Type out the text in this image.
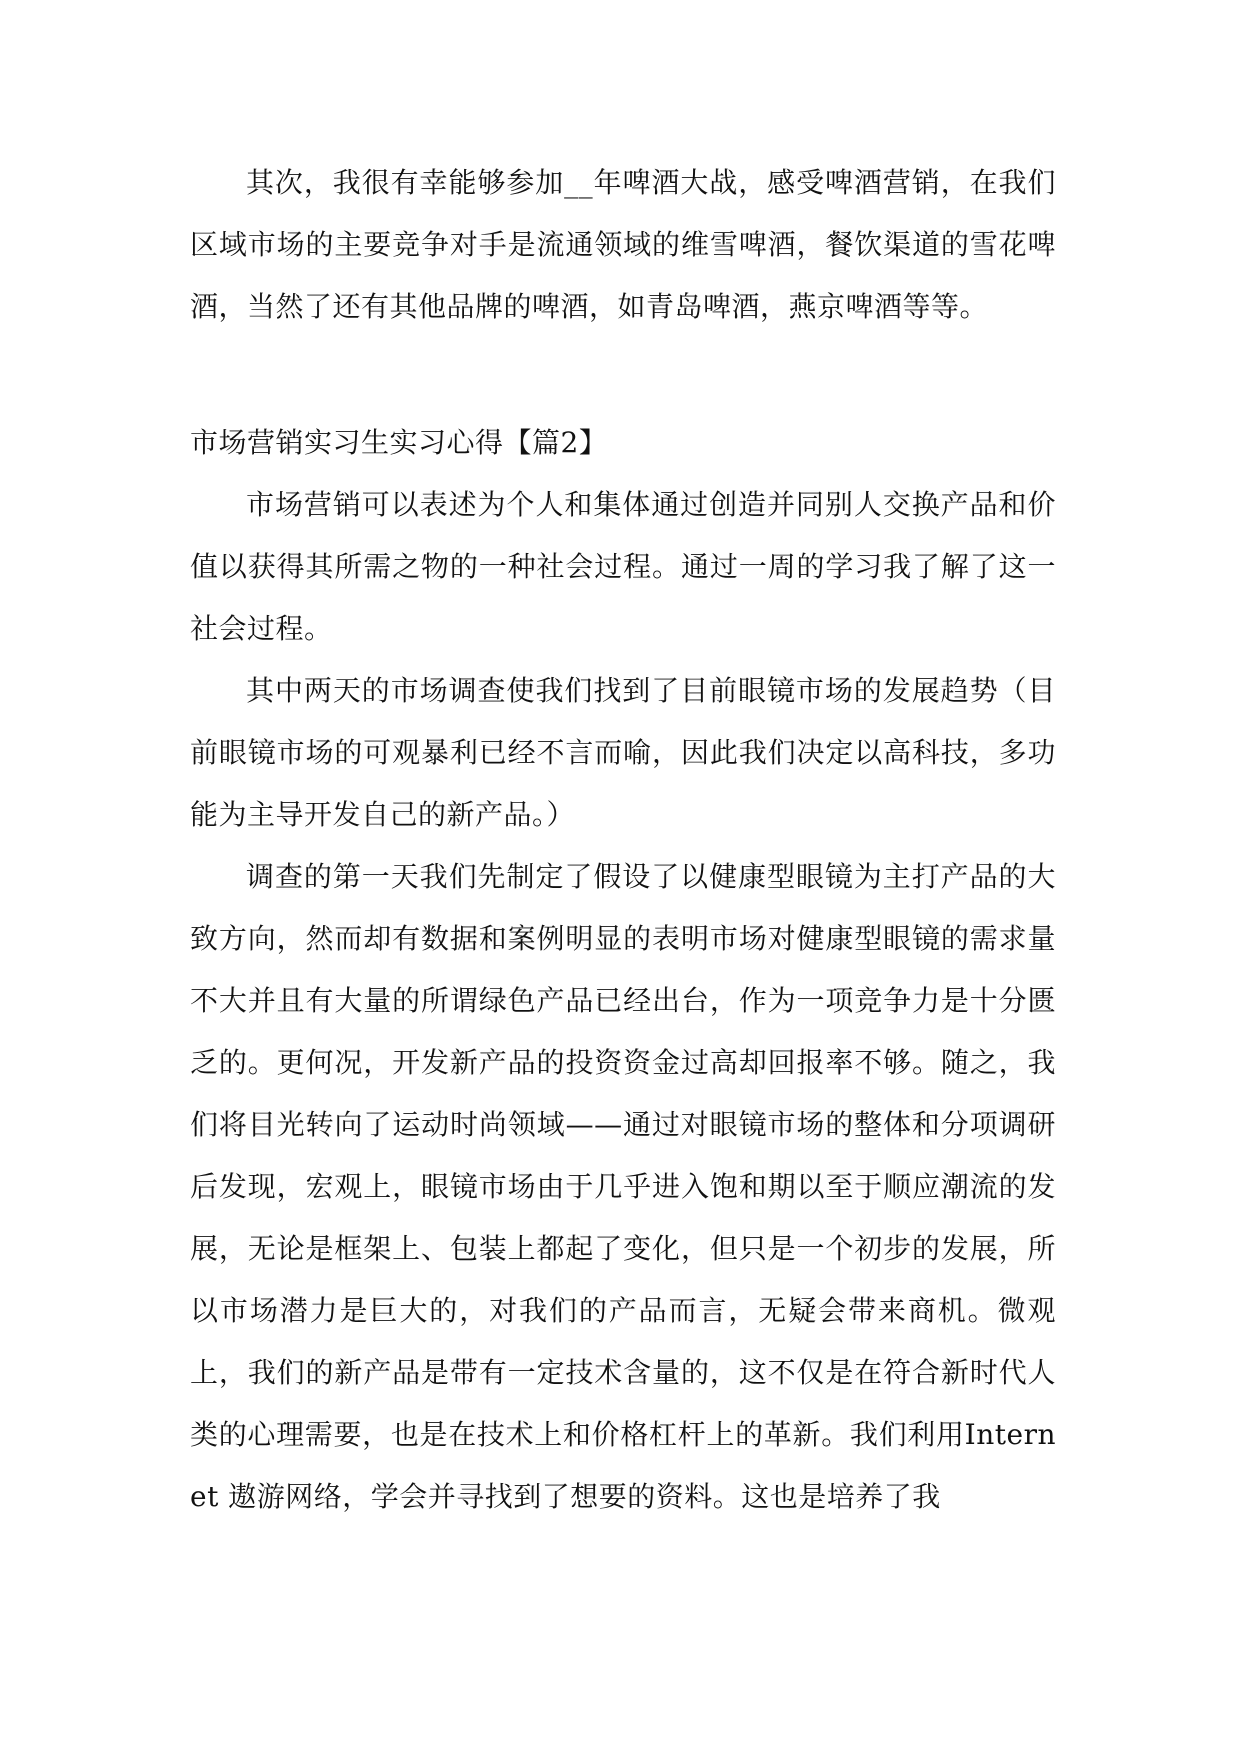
其次，我很有幸能够参加__年啤酒大战，感受啤酒营销，在我们区域市场的主要竞争对手是流通领域的维雪啤酒，餐饮渠道的雪花啤酒，当然了还有其他品牌的啤酒，如青岛啤酒，燕京啤酒等等。

市场营销实习生实习心得【篇2】

市场营销可以表述为个人和集体通过创造并同别人交换产品和价值以获得其所需之物的一种社会过程。通过一周的学习我了解了这一社会过程。

其中两天的市场调查使我们找到了目前眼镜市场的发展趋势（目前眼镜市场的可观暴利已经不言而喻，因此我们决定以高科技，多功能为主导开发自己的新产品。）

调查的第一天我们先制定了假设了以健康型眼镜为主打产品的大致方向，然而却有数据和案例明显的表明市场对健康型眼镜的需求量不大并且有大量的所谓绿色产品已经出台，作为一项竞争力是十分匮乏的。更何况，开发新产品的投资资金过高却回报率不够。随之，我们将目光转向了运动时尚领域——通过对眼镜市场的整体和分项调研后发现，宏观上，眼镜市场由于几乎进入饱和期以至于顺应潮流的发展，无论是框架上、包装上都起了变化，但只是一个初步的发展，所以市场潜力是巨大的，对我们的产品而言，无疑会带来商机。微观上，我们的新产品是带有一定技术含量的，这不仅是在符合新时代人类的心理需要，也是在技术上和价格杠杆上的革新。我们利用Internet 遨游网络，学会并寻找到了想要的资料。这也是培养了我
